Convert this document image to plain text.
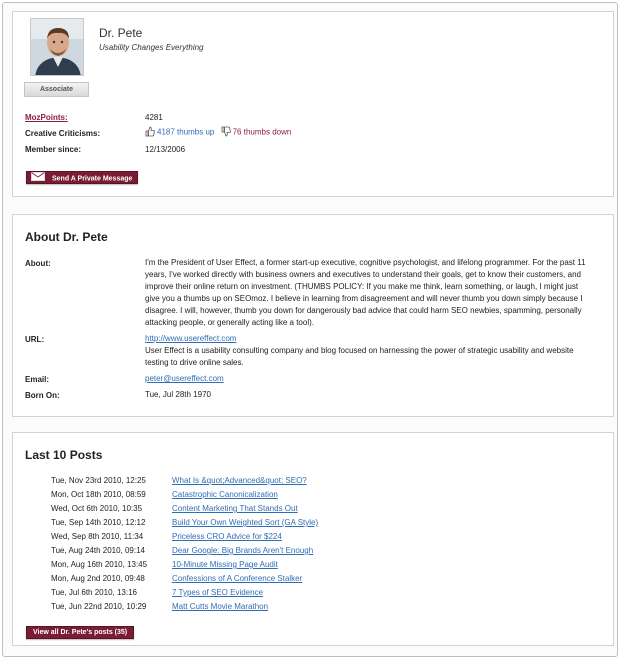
Associate
Dr. Pete
Usability Changes Everything
MozPoints:	4281
Creative Criticisms:	4187 thumbs up 76 thumbs down
Member since:	12/13/2006
Send A Private Message
About Dr. Pete
About:	I'm the President of User Effect, a former start-up executive, cognitive psychologist, and lifelong programmer. For the past 11 years, I've worked directly with business owners and executives to understand their goals, get to know their customers, and improve their online return on investment. (THUMBS POLICY: If you make me think, learn something, or laugh, I might just give you a thumbs up on SEOmoz. I believe in learning from disagreement and will never thumb you down simply because I disagree. I will, however, thumb you down for dangerously bad advice that could harm SEO newbies, spamming, personally attacking people, or generally acting like a tool).
URL:	http://www.usereffect.com
User Effect is a usability consulting company and blog focused on harnessing the power of strategic usability and website testing to drive online sales.
Email:	peter@usereffect.com
Born On:	Tue, Jul 28th 1970
Last 10 Posts
Tue, Nov 23rd 2010, 12:25	What Is &quot;Advanced&quot; SEO?
Mon, Oct 18th 2010, 08:59	Catastrophic Canonicalization
Wed, Oct 6th 2010, 10:35	Content Marketing That Stands Out
Tue, Sep 14th 2010, 12:12	Build Your Own Weighted Sort (GA Style)
Wed, Sep 8th 2010, 11:34	Priceless CRO Advice for $224
Tue, Aug 24th 2010, 09:14	Dear Google: Big Brands Aren't Enough
Mon, Aug 16th 2010, 13:45	10-Minute Missing Page Audit
Mon, Aug 2nd 2010, 09:48	Confessions of A Conference Stalker
Tue, Jul 6th 2010, 13:16	7 Types of SEO Evidence
Tue, Jun 22nd 2010, 10:29	Matt Cutts Movie Marathon
View all Dr. Pete's posts (35)
